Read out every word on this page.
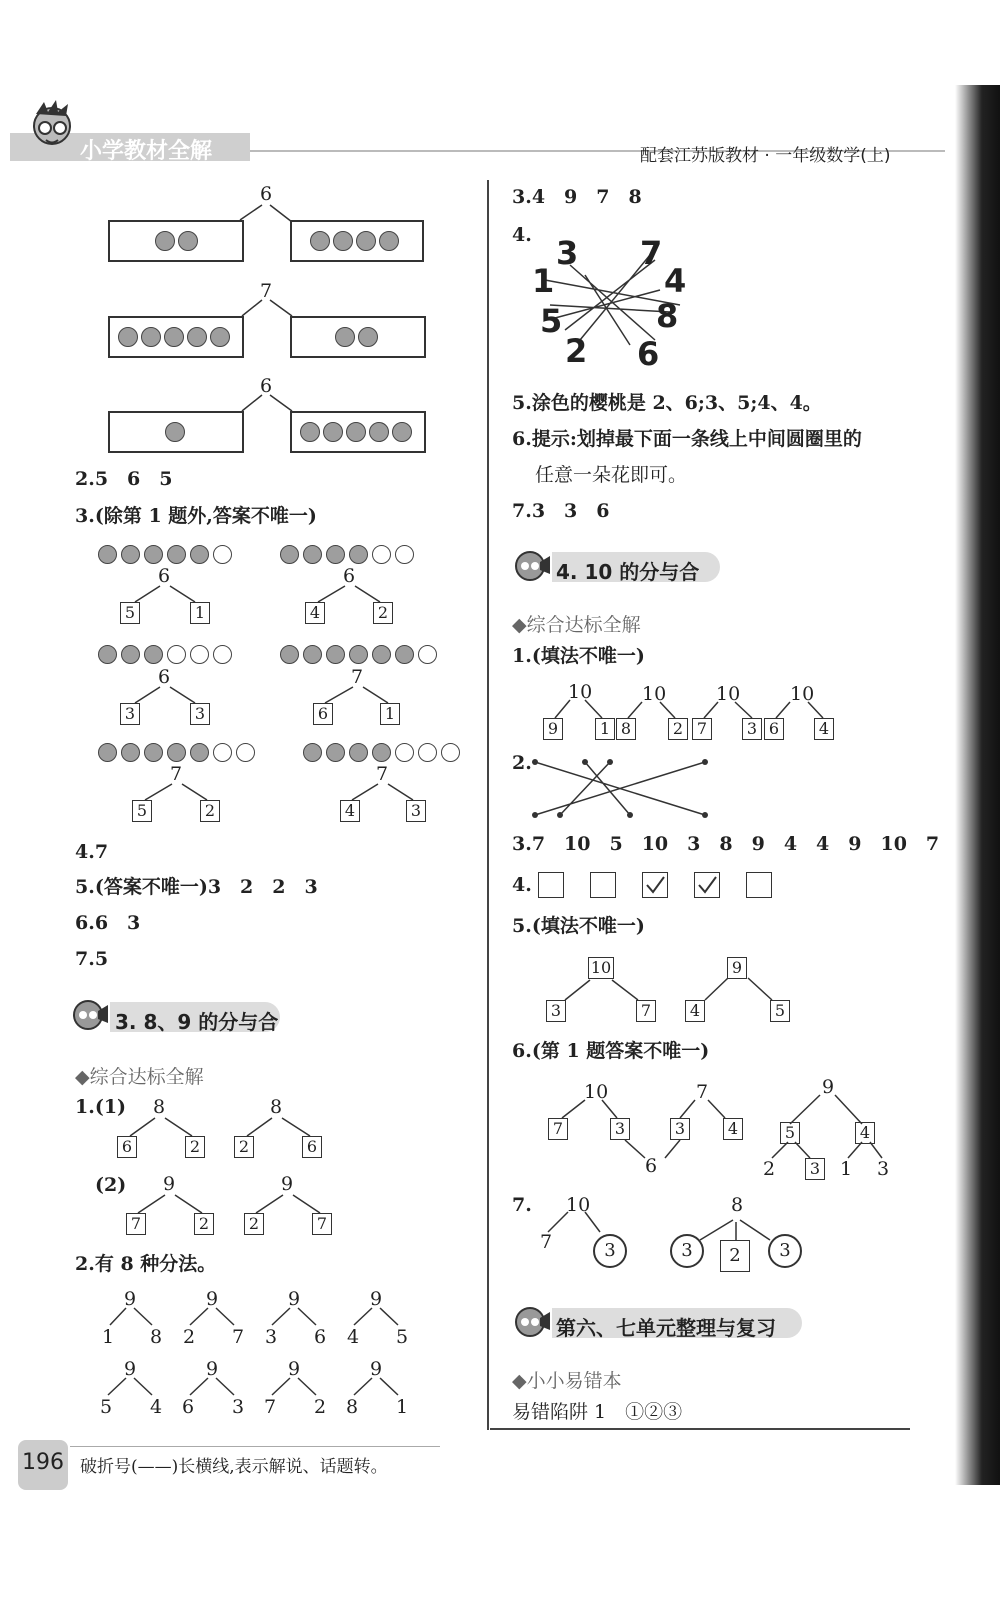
小学教材全解	配套江苏版教材 · 一年级数学(上)
6
7
6
2.5　6　5
3.(除第 1 题外,答案不唯一)
6
5	1
6
4	2
6
3	3
7
6	1
7
5	2
7
4	3
4.7
5.(答案不唯一)3　2　2　3
6.6　3
7.5
3. 8、9 的分与合
◆综合达标全解
1.(1) 8
6	2
8
2	6
(2) 9
7	2
9
2	7
2.有 8 种分法。
9
1 8
9
2 7
9
3 6
9
4 5
9
5 4
9
6 3
9
7 2
9
8 1
3.4　9　7　8
4. 3 7
4
1
8
5
2 6
5.涂色的樱桃是 2、6;3、5;4、4。
6.提示:划掉最下面一条线上中间圆圈里的
任意一朵花即可。
7.3　3　6
4. 10 的分与合
◆综合达标全解
1.(填法不唯一)
10
9	1
10
8	2
10
7	3
10
6	4
2.
3.7　10　5　10　3　8　9　4　4　9　10　7
4.
5.(填法不唯一)
10
3	7
9
4	5
6.(第 1 题答案不唯一)
10
7	3
7
3	4
6
9
5	4
2	3 1 3
7. 10
7	3
8
3	2	3
第六、七单元整理与复习
◆小小易错本
易错陷阱 1　①②③
196 破折号(——)长横线,表示解说、话题转。
